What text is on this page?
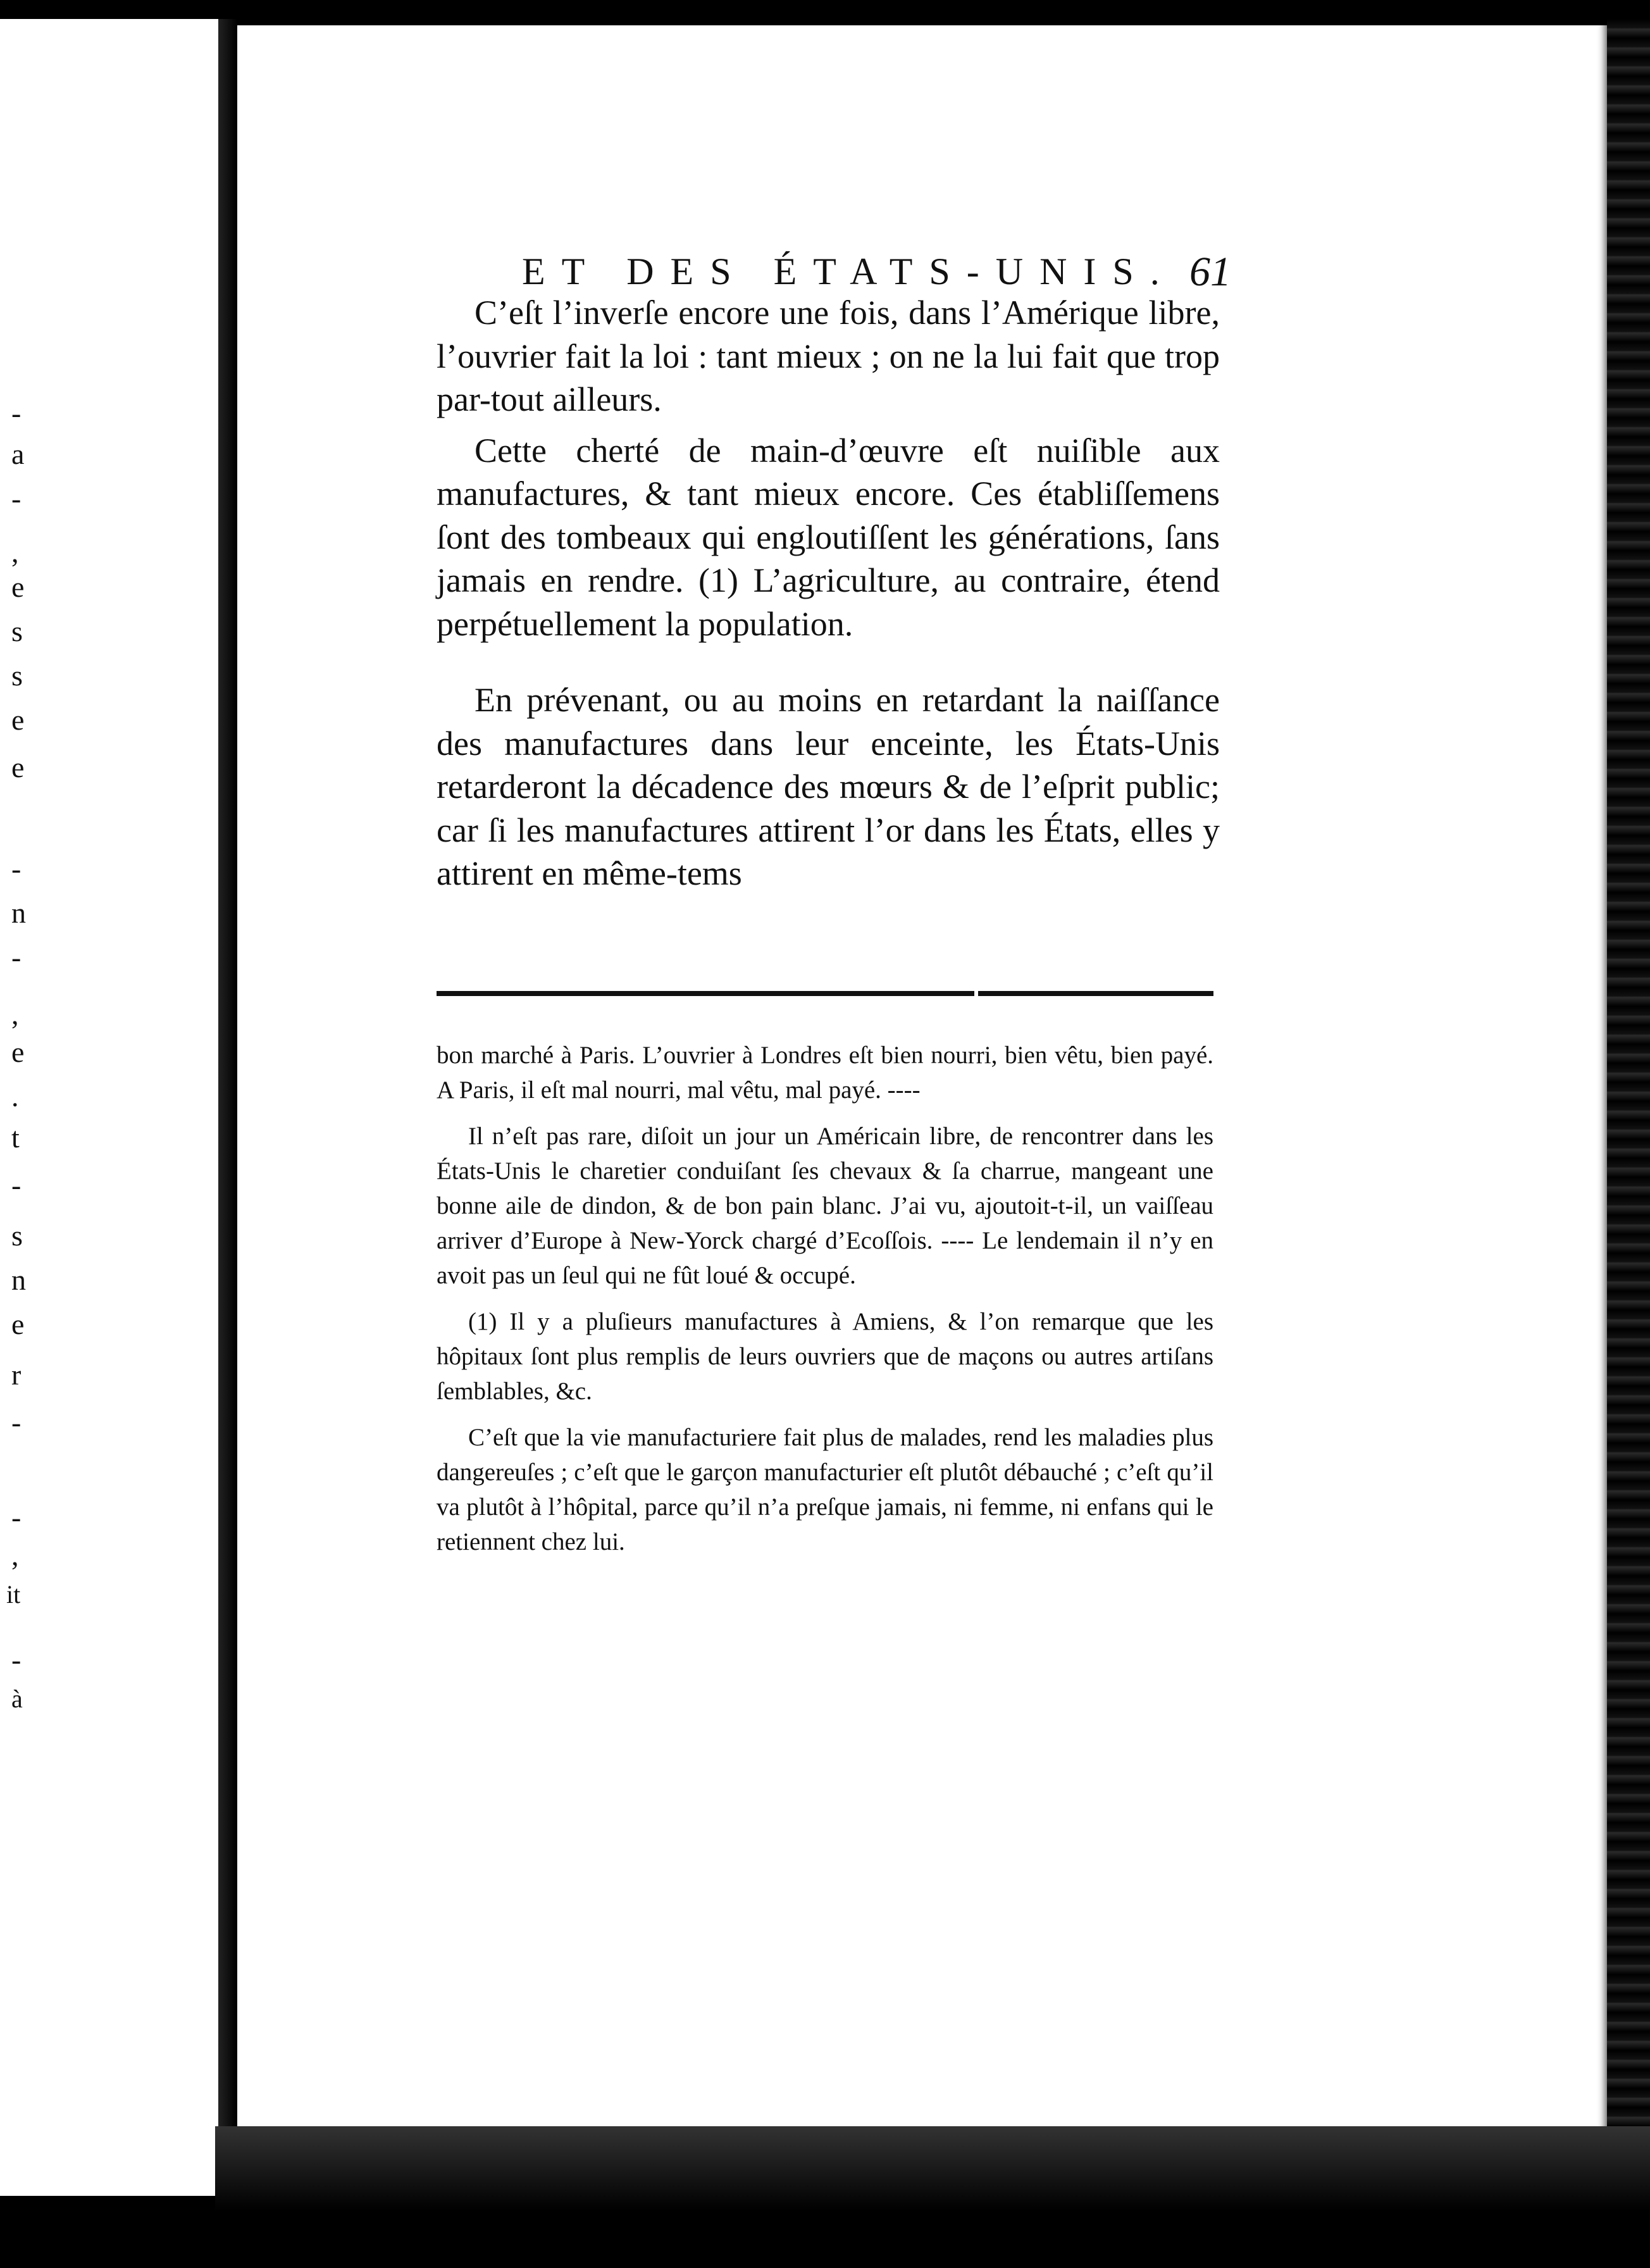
-
a
-
,
e
s
s
e
e
-
n
-
,
e
.
t
-
s
n
e
r
-
-
,
it
-
à
ET DES ÉTATS-UNIS. 61

C’eſt l’inverſe encore une fois, dans l’Amérique libre, l’ouvrier fait la loi : tant mieux ; on ne la lui fait que trop par-tout ailleurs.

Cette cherté de main-d’œuvre eſt nuiſible aux manufactures, & tant mieux encore. Ces établiſſemens ſont des tombeaux qui engloutiſſent les générations, ſans jamais en rendre. (1) L’agriculture, au contraire, étend perpétuellement la population.

En prévenant, ou au moins en retardant la naiſſance des manufactures dans leur enceinte, les États-Unis retarderont la décadence des mœurs & de l’eſprit public; car ſi les manufactures attirent l’or dans les États, elles y attirent en même-tems

bon marché à Paris. L’ouvrier à Londres eſt bien nourri, bien vêtu, bien payé. A Paris, il eſt mal nourri, mal vêtu, mal payé. ----

Il n’eſt pas rare, diſoit un jour un Américain libre, de rencontrer dans les États-Unis le charetier conduiſant ſes chevaux & ſa charrue, mangeant une bonne aile de dindon, & de bon pain blanc. J’ai vu, ajoutoit-t-il, un vaiſſeau arriver d’Europe à New-Yorck chargé d’Ecoſſois. ---- Le lendemain il n’y en avoit pas un ſeul qui ne fût loué & occupé.

(1) Il y a pluſieurs manufactures à Amiens, & l’on remarque que les hôpitaux ſont plus remplis de leurs ouvriers que de maçons ou autres artiſans ſemblables, &c.

C’eſt que la vie manufacturiere fait plus de malades, rend les maladies plus dangereuſes ; c’eſt que le garçon manufacturier eſt plutôt débauché ; c’eſt qu’il va plutôt à l’hôpital, parce qu’il n’a preſque jamais, ni femme, ni enfans qui le retiennent chez lui.
